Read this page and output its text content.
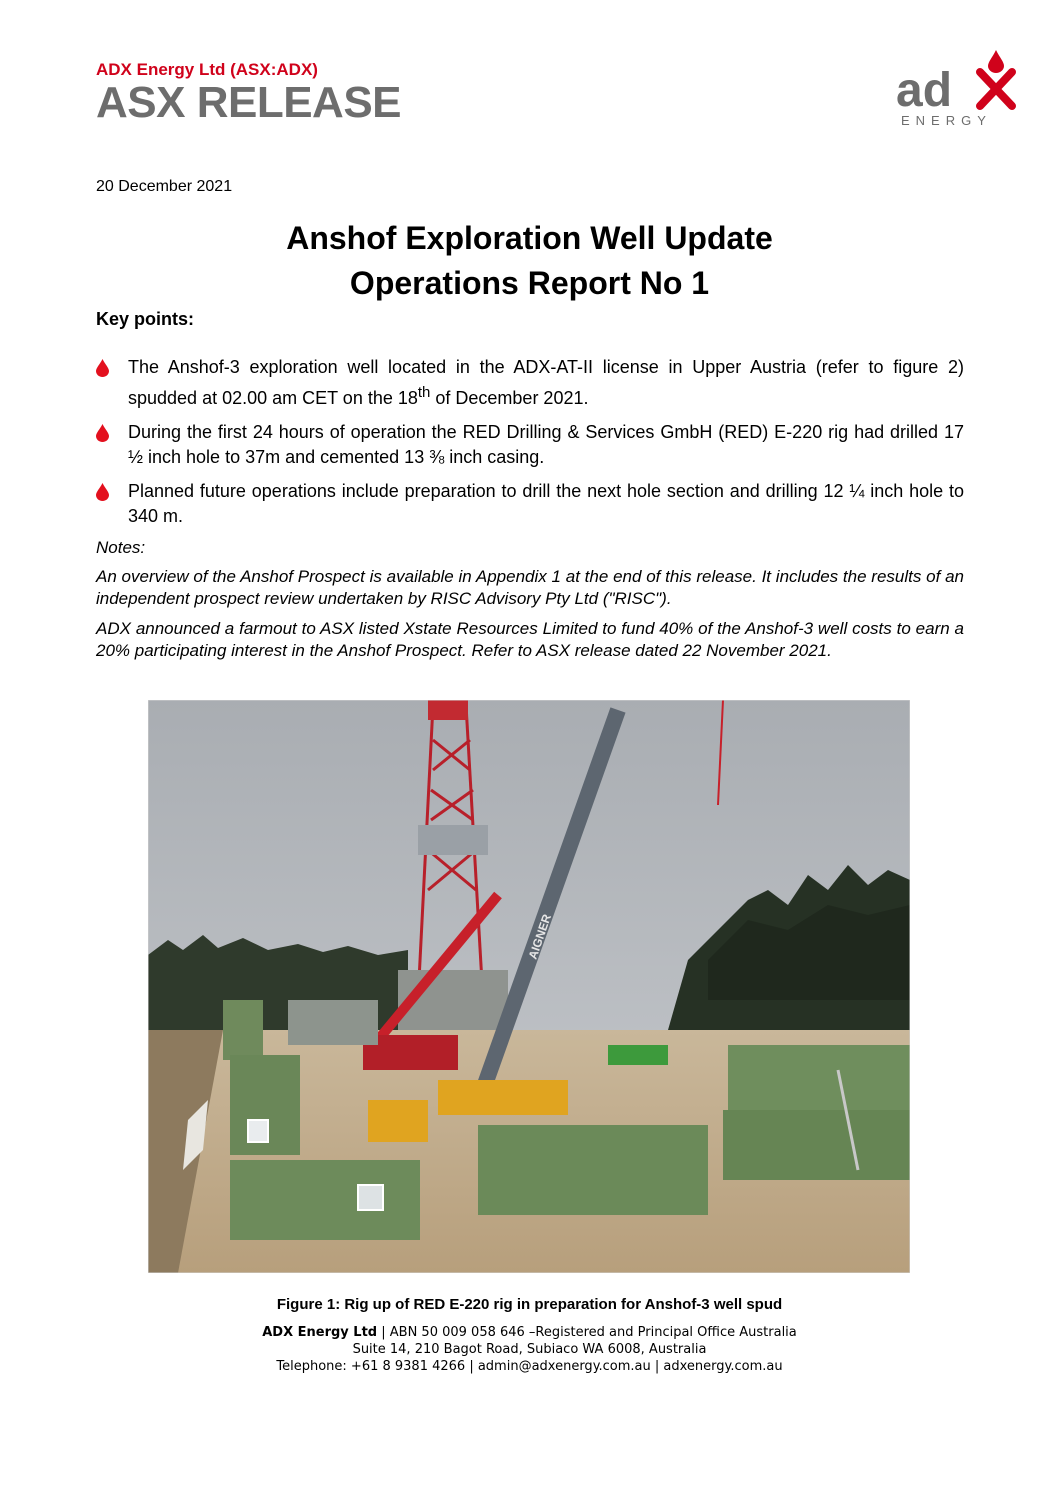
ADX Energy Ltd (ASX:ADX)
ASX RELEASE	ad
ENERGY
20 December 2021
Anshof Exploration Well Update
Operations Report No 1
Key points:
The Anshof-3 exploration well located in the ADX-AT-II license in Upper Austria (refer to figure 2) spudded at 02.00 am CET on the 18th of December 2021.
During the first 24 hours of operation the RED Drilling & Services GmbH (RED) E-220 rig had drilled 17 ½ inch hole to 37m and cemented 13 ⅜ inch casing.
Planned future operations include preparation to drill the next hole section and drilling 12 ¼ inch hole to 340 m.

Notes:

An overview of the Anshof Prospect is available in Appendix 1 at the end of this release. It includes the results of an independent prospect review undertaken by RISC Advisory Pty Ltd ("RISC").

ADX announced a farmout to ASX listed Xstate Resources Limited to fund 40% of the Anshof-3 well costs to earn a 20% participating interest in the Anshof Prospect. Refer to ASX release dated 22 November 2021.

AIGNER
Figure 1: Rig up of RED E-220 rig in preparation for Anshof-3 well spud
ADX Energy Ltd | ABN 50 009 058 646 –Registered and Principal Office Australia
Suite 14, 210 Bagot Road, Subiaco WA 6008, Australia
Telephone: +61 8 9381 4266 | admin@adxenergy.com.au | adxenergy.com.au
